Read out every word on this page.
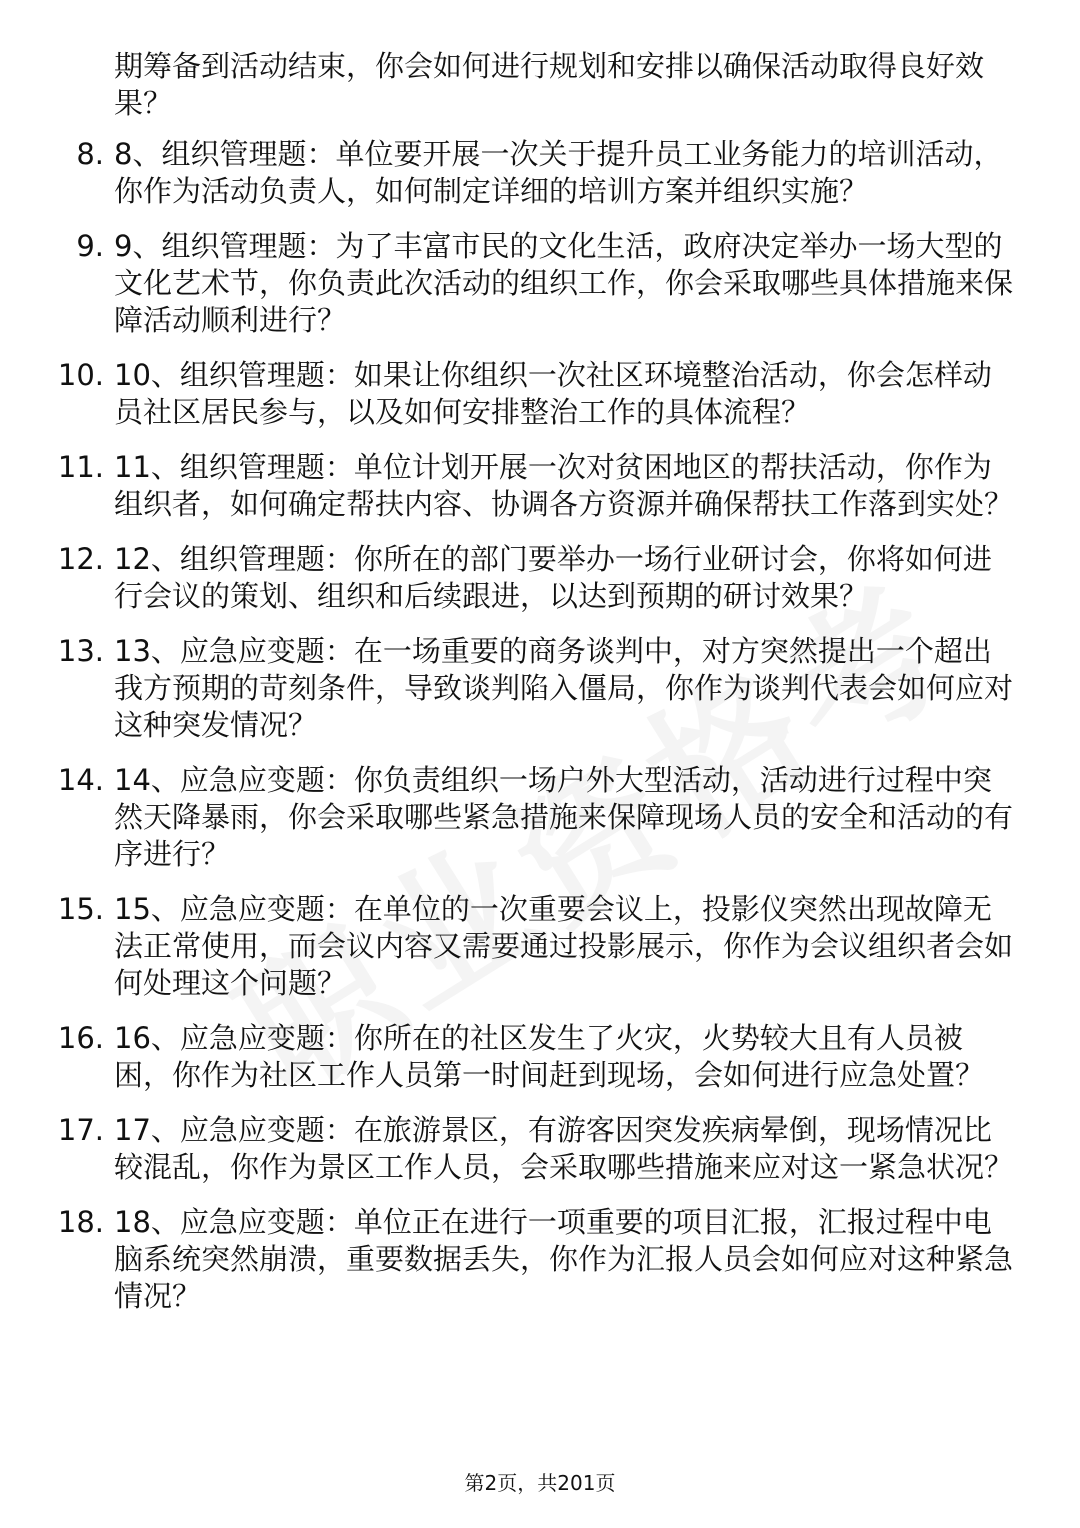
期筹备到活动结束，你会如何进行规划和安排以确保活动取得良好效果？

8. 8、组织管理题：单位要开展一次关于提升员工业务能力的培训活动，你作为活动负责人，如何制定详细的培训方案并组织实施？
9. 9、组织管理题：为了丰富市民的文化生活，政府决定举办一场大型的文化艺术节，你负责此次活动的组织工作，你会采取哪些具体措施来保障活动顺利进行？
10. 10、组织管理题：如果让你组织一次社区环境整治活动，你会怎样动员社区居民参与，以及如何安排整治工作的具体流程？
11. 11、组织管理题：单位计划开展一次对贫困地区的帮扶活动，你作为组织者，如何确定帮扶内容、协调各方资源并确保帮扶工作落到实处？
12. 12、组织管理题：你所在的部门要举办一场行业研讨会，你将如何进行会议的策划、组织和后续跟进，以达到预期的研讨效果？
13. 13、应急应变题：在一场重要的商务谈判中，对方突然提出一个超出我方预期的苛刻条件，导致谈判陷入僵局，你作为谈判代表会如何应对这种突发情况？
14. 14、应急应变题：你负责组织一场户外大型活动，活动进行过程中突然天降暴雨，你会采取哪些紧急措施来保障现场人员的安全和活动的有序进行？
15. 15、应急应变题：在单位的一次重要会议上，投影仪突然出现故障无法正常使用，而会议内容又需要通过投影展示，你作为会议组织者会如何处理这个问题？
16. 16、应急应变题：你所在的社区发生了火灾，火势较大且有人员被困，你作为社区工作人员第一时间赶到现场，会如何进行应急处置？
17. 17、应急应变题：在旅游景区，有游客因突发疾病晕倒，现场情况比较混乱，你作为景区工作人员，会采取哪些措施来应对这一紧急状况？
18. 18、应急应变题：单位正在进行一项重要的项目汇报，汇报过程中电脑系统突然崩溃，重要数据丢失，你作为汇报人员会如何应对这种紧急情况？
第2页，共201页
